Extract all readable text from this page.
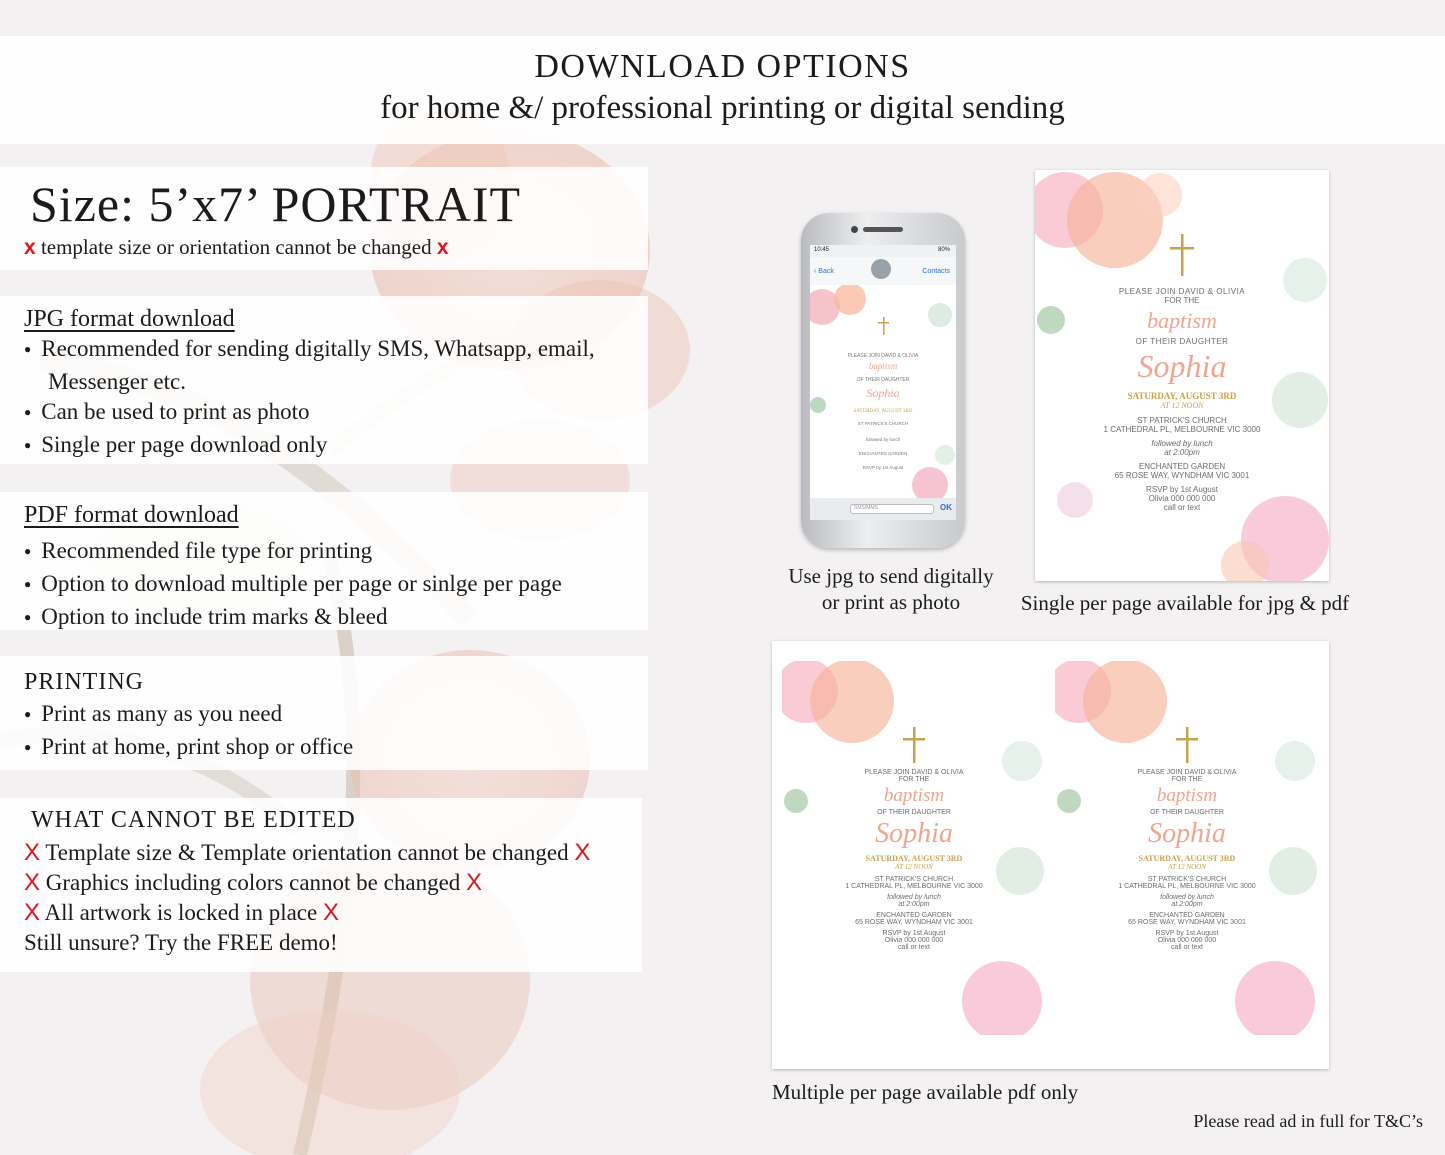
DOWNLOAD OPTIONS
for home &/ professional printing or digital sending
Size: 5’x7’ PORTRAIT
x template size or orientation cannot be changed x
JPG format download
● Recommended for sending digitally SMS, Whatsapp, email,
Messenger etc.
● Can be used to print as photo
● Single per page download only
PDF format download
● Recommended file type for printing
● Option to download multiple per page or sinlge per page
● Option to include trim marks & bleed
PRINTING
● Print as many as you need
● Print at home, print shop or office
WHAT CANNOT BE EDITED
X Template size & Template orientation cannot be changed X
X Graphics including colors cannot be changed X
X All artwork is locked in place X
Still unsure? Try the FREE demo!
10:45	80%
‹ Back	Contacts
PLEASE JOIN DAVID & OLIVIA
baptism
OF THEIR DAUGHTER
Sophia
SATURDAY, AUGUST 3RD
ST PATRICK'S CHURCH
followed by lunch
ENCHANTED GARDEN
RSVP by 1st August
SMS/MMS	OK
Use jpg to send digitally
or print as photo
PLEASE JOIN DAVID & OLIVIA
FOR THE
baptism
OF THEIR DAUGHTER
Sophia
SATURDAY, AUGUST 3RD
AT 12 NOON
ST PATRICK'S CHURCH
1 CATHEDRAL PL, MELBOURNE VIC 3000
followed by lunch
at 2:00pm
ENCHANTED GARDEN
65 ROSE WAY, WYNDHAM VIC 3001
RSVP by 1st August
Olivia 000 000 000
call or text
Single per page available for jpg & pdf
PLEASE JOIN DAVID & OLIVIA
FOR THE
baptism
OF THEIR DAUGHTER
Sophia
SATURDAY, AUGUST 3RD
AT 12 NOON
ST PATRICK'S CHURCH
1 CATHEDRAL PL, MELBOURNE VIC 3000
followed by lunch
at 2:00pm
ENCHANTED GARDEN
65 ROSE WAY, WYNDHAM VIC 3001
RSVP by 1st August
Olivia 000 000 000
call or text
PLEASE JOIN DAVID & OLIVIA
FOR THE
baptism
OF THEIR DAUGHTER
Sophia
SATURDAY, AUGUST 3RD
AT 12 NOON
ST PATRICK'S CHURCH
1 CATHEDRAL PL, MELBOURNE VIC 3000
followed by lunch
at 2:00pm
ENCHANTED GARDEN
65 ROSE WAY, WYNDHAM VIC 3001
RSVP by 1st August
Olivia 000 000 000
call or text
Multiple per page available pdf only
Please read ad in full for T&C’s
